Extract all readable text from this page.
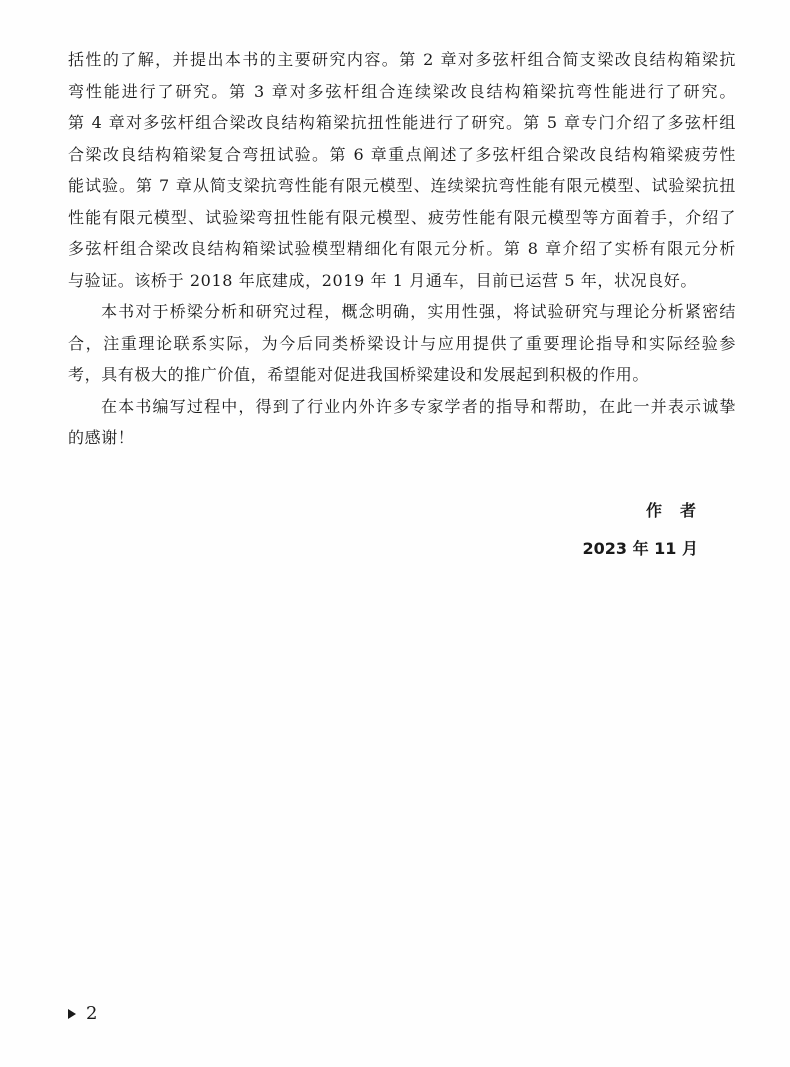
括性的了解，并提出本书的主要研究内容。第 2 章对多弦杆组合简支梁改良结构箱梁抗
弯性能进行了研究。第 3 章对多弦杆组合连续梁改良结构箱梁抗弯性能进行了研究。
第 4 章对多弦杆组合梁改良结构箱梁抗扭性能进行了研究。第 5 章专门介绍了多弦杆组
合梁改良结构箱梁复合弯扭试验。第 6 章重点阐述了多弦杆组合梁改良结构箱梁疲劳性
能试验。第 7 章从简支梁抗弯性能有限元模型、连续梁抗弯性能有限元模型、试验梁抗扭
性能有限元模型、试验梁弯扭性能有限元模型、疲劳性能有限元模型等方面着手，介绍了
多弦杆组合梁改良结构箱梁试验模型精细化有限元分析。第 8 章介绍了实桥有限元分析
与验证。该桥于 2018 年底建成，2019 年 1 月通车，目前已运营 5 年，状况良好。
本书对于桥梁分析和研究过程，概念明确，实用性强，将试验研究与理论分析紧密结
合，注重理论联系实际，为今后同类桥梁设计与应用提供了重要理论指导和实际经验参
考，具有极大的推广价值，希望能对促进我国桥梁建设和发展起到积极的作用。
在本书编写过程中，得到了行业内外许多专家学者的指导和帮助，在此一并表示诚挚
的感谢！
作者
2023 年 11 月
2
